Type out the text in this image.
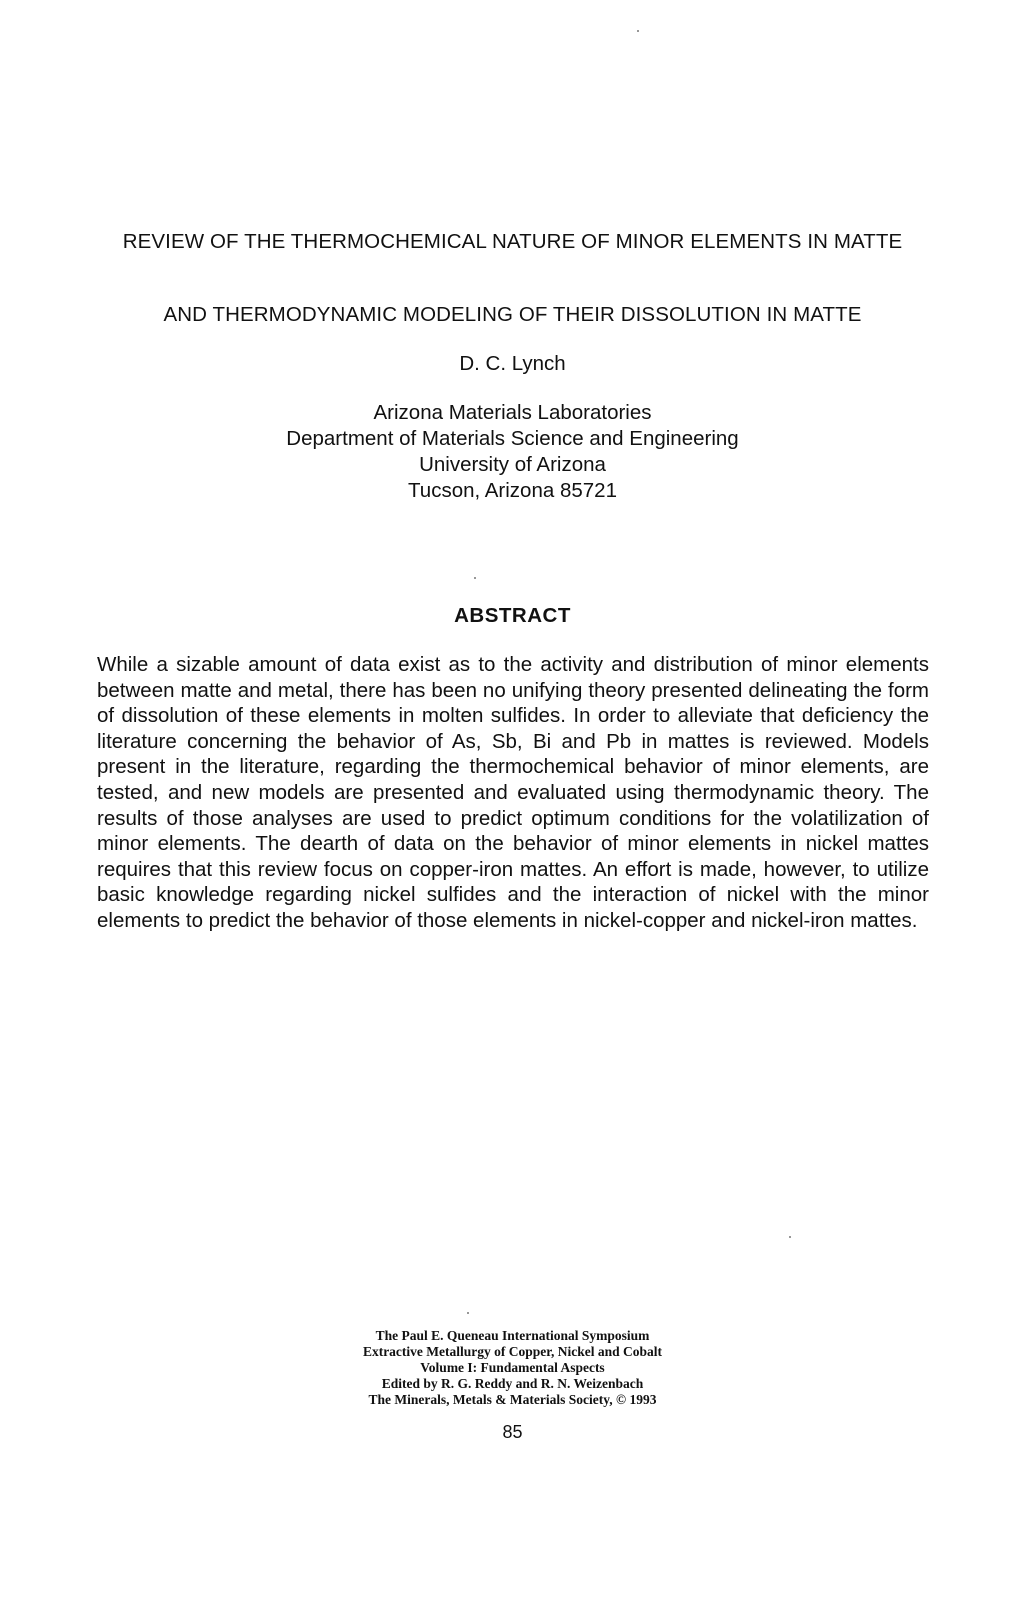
REVIEW OF THE THERMOCHEMICAL NATURE OF MINOR ELEMENTS IN MATTE
AND THERMODYNAMIC MODELING OF THEIR DISSOLUTION IN MATTE
D. C. Lynch
Arizona Materials Laboratories
Department of Materials Science and Engineering
University of Arizona
Tucson, Arizona 85721
ABSTRACT
While a sizable amount of data exist as to the activity and distribution of minor elements between matte and metal, there has been no unifying theory presented delineating the form of dissolution of these elements in molten sulfides. In order to alleviate that deficiency the literature concerning the behavior of As, Sb, Bi and Pb in mattes is reviewed. Models present in the literature, regarding the thermochemical behavior of minor elements, are tested, and new models are presented and evaluated using thermodynamic theory. The results of those analyses are used to predict optimum conditions for the volatilization of minor elements. The dearth of data on the behavior of minor elements in nickel mattes requires that this review focus on copper-iron mattes. An effort is made, however, to utilize basic knowledge regarding nickel sulfides and the interaction of nickel with the minor elements to predict the behavior of those elements in nickel-copper and nickel-iron mattes.
The Paul E. Queneau International Symposium
Extractive Metallurgy of Copper, Nickel and Cobalt
Volume I: Fundamental Aspects
Edited by R. G. Reddy and R. N. Weizenbach
The Minerals, Metals & Materials Society, © 1993
85
